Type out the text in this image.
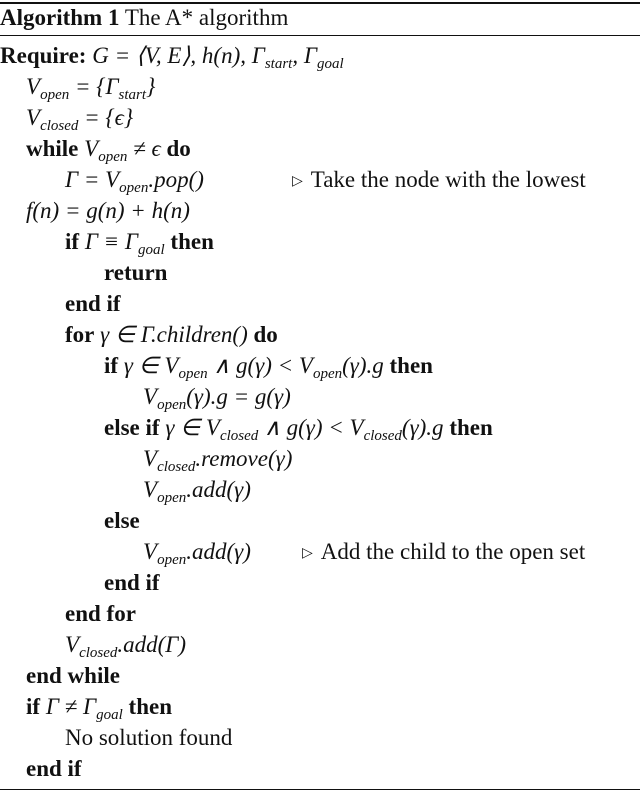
Algorithm 1 The A* algorithm
Require: G = ⟨V, E⟩, h(n), $\Gamma_{start}$, $\Gamma_{goal}$
$V_{open} = \{\Gamma_{start}\}$
$V_{closed} = \{\epsilon\}$
while $V_{open} \ne \epsilon$ do
$\Gamma = V_{open}.pop()$	▷ Take the node with the lowest
f(n) = g(n) + h(n)
if $\Gamma \equiv \Gamma_{goal}$ then
return
end if
for γ ∈ Γ.children() do
if γ ∈ $V_{open}$ ∧ $g(\gamma) < V_{open}(\gamma).g$ then
$V_{open}(\gamma).g = g(\gamma)$
else if γ ∈ $V_{closed}$ ∧ $g(\gamma) < V_{closed}(\gamma).g$ then
$V_{closed}.remove(\gamma)$
$V_{open}.add(\gamma)$
else
$V_{open}.add(\gamma)$	▷ Add the child to the open set
end if
end for
$V_{closed}.add(\Gamma)$
end while
if $\Gamma \ne \Gamma_{goal}$ then
No solution found
end if
